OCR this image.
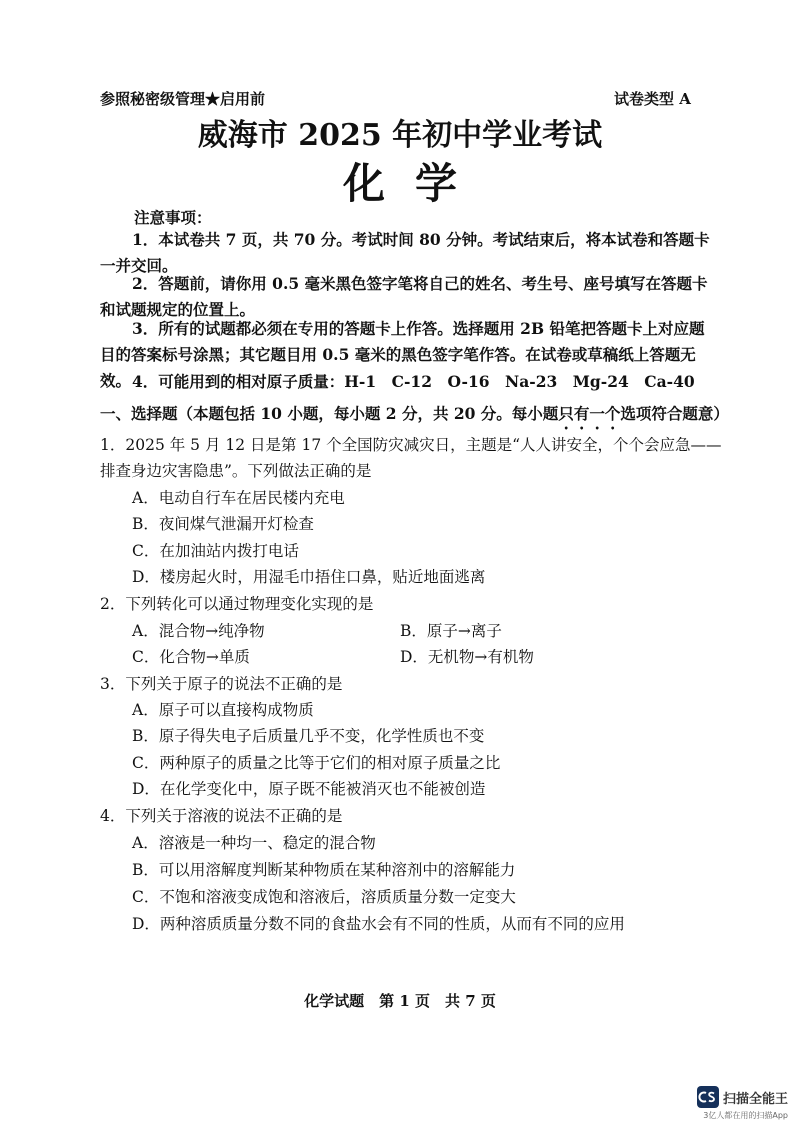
参照秘密级管理★启用前	试卷类型 A
威海市 2025 年初中学业考试
化学
注意事项：
1．本试卷共 7 页，共 70 分。考试时间 80 分钟。考试结束后，将本试卷和答题卡一并交回。
2．答题前，请你用 0.5 毫米黑色签字笔将自己的姓名、考生号、座号填写在答题卡和试题规定的位置上。
3．所有的试题都必须在专用的答题卡上作答。选择题用 2B 铅笔把答题卡上对应题目的答案标号涂黑；其它题目用 0.5 毫米的黑色签字笔作答。在试卷或草稿纸上答题无效。 4．可能用到的相对原子质量：H-1　C-12　O-16　Na-23　Mg-24　Ca-40
一、选择题（本题包括 10 小题，每小题 2 分，共 20 分。每小题只有一个选项符合题意）
1．2025 年 5 月 12 日是第 17 个全国防灾减灾日，主题是“人人讲安全，个个会应急——
排查身边灾害隐患”。下列做法正确的是
A．电动自行车在居民楼内充电
B．夜间煤气泄漏开灯检查
C．在加油站内拨打电话
D．楼房起火时，用湿毛巾捂住口鼻，贴近地面逃离
2．下列转化可以通过物理变化实现的是
A．混合物→纯净物	B．原子→离子
C．化合物→单质	D．无机物→有机物
3．下列关于原子的说法不正确的是
A．原子可以直接构成物质
B．原子得失电子后质量几乎不变，化学性质也不变
C．两种原子的质量之比等于它们的相对原子质量之比
D．在化学变化中，原子既不能被消灭也不能被创造
4．下列关于溶液的说法不正确的是
A．溶液是一种均一、稳定的混合物
B．可以用溶解度判断某种物质在某种溶剂中的溶解能力
C．不饱和溶液变成饱和溶液后，溶质质量分数一定变大
D．两种溶质质量分数不同的食盐水会有不同的性质，从而有不同的应用
化学试题　第 1 页　共 7 页
扫描全能王
3亿人都在用的扫描App
